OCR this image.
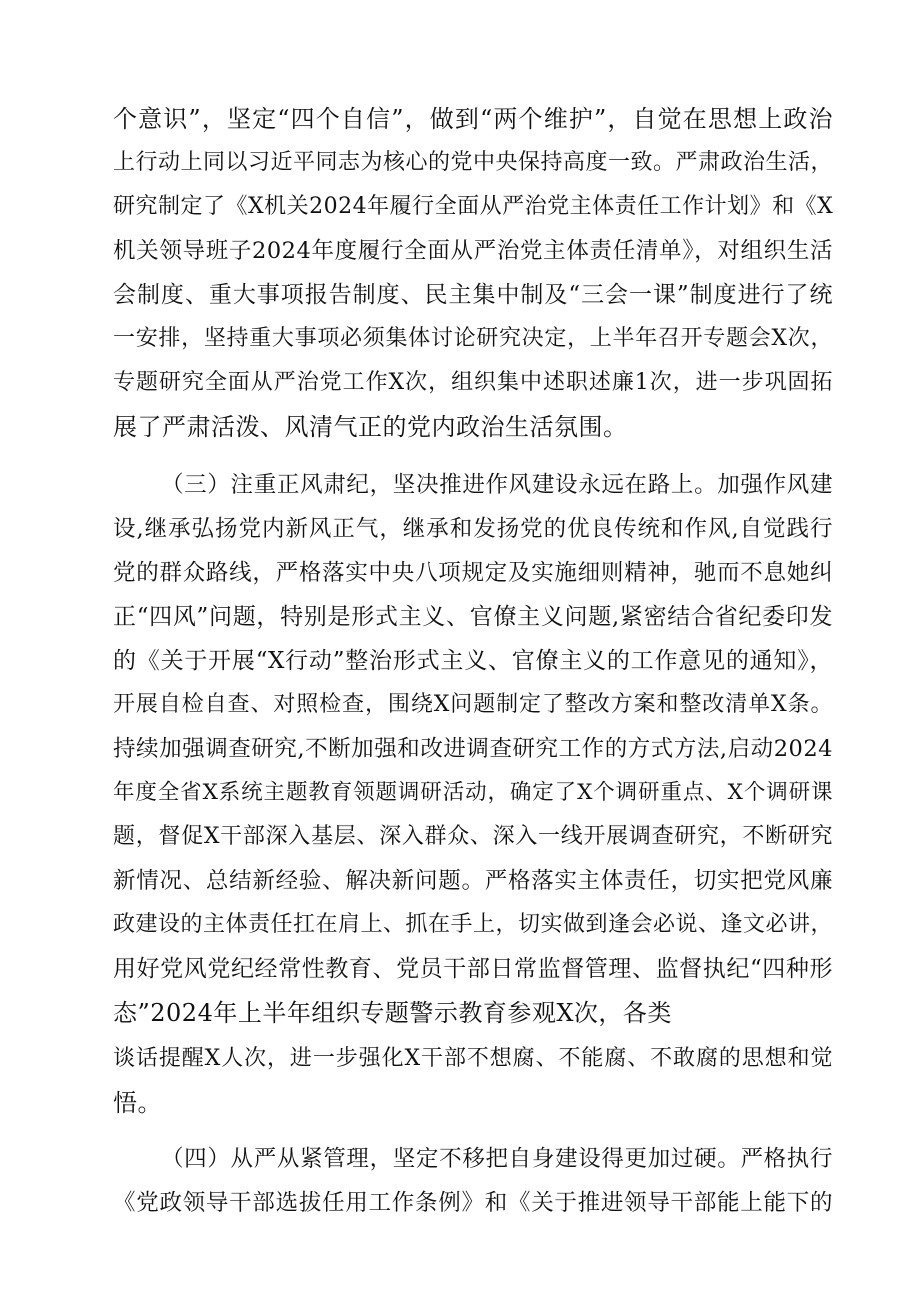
个意识”，坚定“四个自信”，做到“两个维护”，自觉在思想上政治
上行动上同以习近平同志为核心的党中央保持高度一致。严肃政治生活，
研究制定了《X机关2024年履行全面从严治党主体责任工作计划》和《X
机关领导班子2024年度履行全面从严治党主体责任清单》，对组织生活
会制度、重大事项报告制度、民主集中制及“三会一课”制度进行了统
一安排，坚持重大事项必须集体讨论研究决定，上半年召开专题会X次，
专题研究全面从严治党工作X次，组织集中述职述廉1次，进一步巩固拓
展了严肃活泼、风清气正的党内政治生活氛围。
（三）注重正风肃纪，坚决推进作风建设永远在路上。加强作风建
设,继承弘扬党内新风正气，继承和发扬党的优良传统和作风,自觉践行
党的群众路线，严格落实中央八项规定及实施细则精神，驰而不息她纠
正“四风”问题，特别是形式主义、官僚主义问题,紧密结合省纪委印发
的《关于开展“X行动”整治形式主义、官僚主义的工作意见的通知》，
开展自检自查、对照检查，围绕X问题制定了整改方案和整改清单X条。
持续加强调查研究,不断加强和改进调查研究工作的方式方法,启动2024
年度全省X系统主题教育领题调研活动，确定了X个调研重点、X个调研课
题，督促X干部深入基层、深入群众、深入一线开展调查研究，不断研究
新情况、总结新经验、解决新问题。严格落实主体责任，切实把党风廉
政建设的主体责任扛在肩上、抓在手上，切实做到逢会必说、逢文必讲，
用好党风党纪经常性教育、党员干部日常监督管理、监督执纪“四种形
态”2024年上半年组织专题警示教育参观X次，各类
谈话提醒X人次，进一步强化X干部不想腐、不能腐、不敢腐的思想和觉
悟。
（四）从严从紧管理，坚定不移把自身建设得更加过硬。严格执行
《党政领导干部选拔任用工作条例》和《关于推进领导干部能上能下的
